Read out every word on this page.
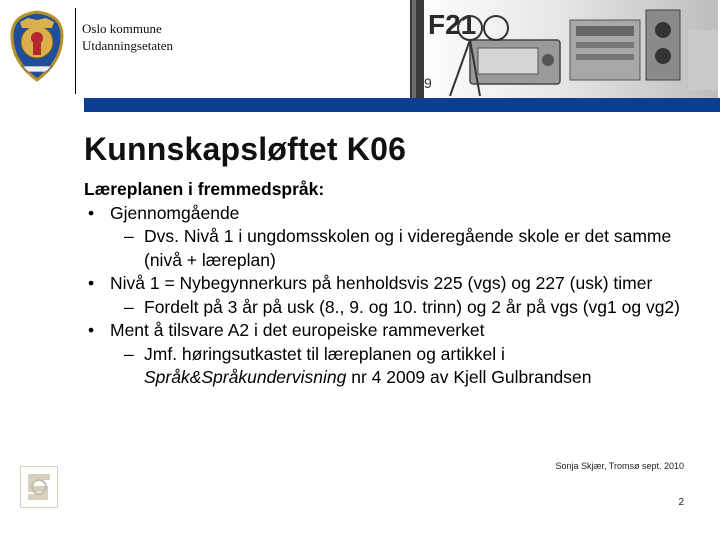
Oslo kommune
Utdanningsetaten
F21
9
Kunnskapsløftet K06
Læreplanen i fremmedspråk:
• Gjennomgående
– Dvs. Nivå 1 i ungdomsskolen og i videregående skole er det samme (nivå + læreplan)
• Nivå 1 = Nybegynnerkurs på henholdsvis 225 (vgs) og 227 (usk) timer
– Fordelt på 3 år på usk (8., 9. og 10. trinn) og 2 år på vgs (vg1 og vg2)
• Ment å tilsvare A2 i det europeiske rammeverket
– Jmf. høringsutkastet til læreplanen og artikkel i Språk&Språkundervisning nr 4 2009 av Kjell Gulbrandsen
Sonja Skjær, Tromsø sept. 2010
2
